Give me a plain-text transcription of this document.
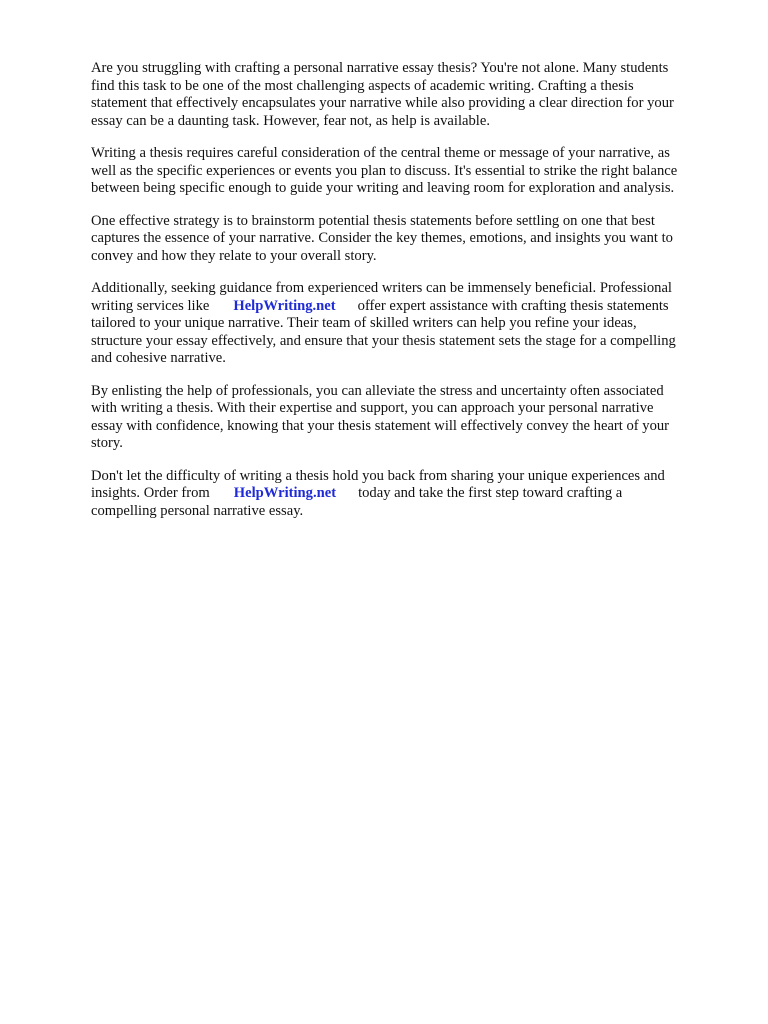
Are you struggling with crafting a personal narrative essay thesis? You're not alone. Many students
find this task to be one of the most challenging aspects of academic writing. Crafting a thesis
statement that effectively encapsulates your narrative while also providing a clear direction for your
essay can be a daunting task. However, fear not, as help is available.

Writing a thesis requires careful consideration of the central theme or message of your narrative, as
well as the specific experiences or events you plan to discuss. It's essential to strike the right balance
between being specific enough to guide your writing and leaving room for exploration and analysis.

One effective strategy is to brainstorm potential thesis statements before settling on one that best
captures the essence of your narrative. Consider the key themes, emotions, and insights you want to
convey and how they relate to your overall story.

Additionally, seeking guidance from experienced writers can be immensely beneficial. Professional
writing services like HelpWriting.net offer expert assistance with crafting thesis statements
tailored to your unique narrative. Their team of skilled writers can help you refine your ideas,
structure your essay effectively, and ensure that your thesis statement sets the stage for a compelling
and cohesive narrative.

By enlisting the help of professionals, you can alleviate the stress and uncertainty often associated
with writing a thesis. With their expertise and support, you can approach your personal narrative
essay with confidence, knowing that your thesis statement will effectively convey the heart of your
story.

Don't let the difficulty of writing a thesis hold you back from sharing your unique experiences and
insights. Order from HelpWriting.net today and take the first step toward crafting a
compelling personal narrative essay.
